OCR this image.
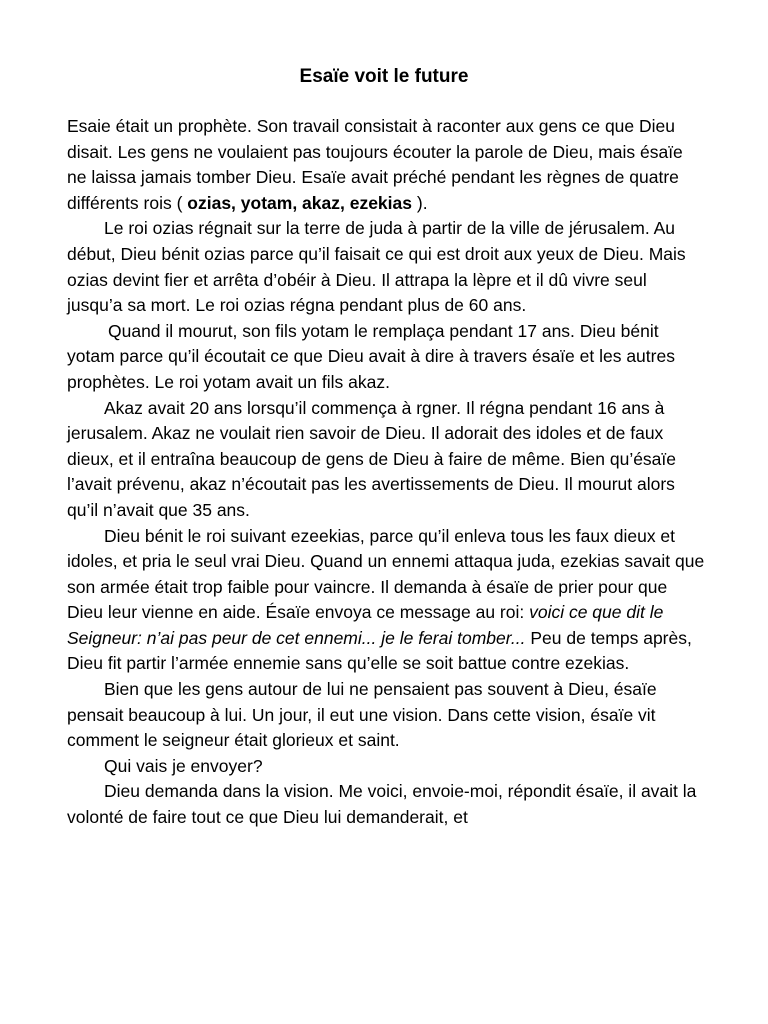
Esaïe voit le future

Esaie était un prophète. Son travail consistait à raconter aux gens ce que Dieu disait. Les gens ne voulaient pas toujours écouter la parole de Dieu, mais ésaïe ne laissa jamais tomber Dieu. Esaïe avait préché pendant les règnes de quatre différents rois ( ozias, yotam, akaz, ezekias ).

Le roi ozias régnait sur la terre de juda à partir de la ville de jérusalem. Au début, Dieu bénit ozias parce qu’il faisait ce qui est droit aux yeux de Dieu. Mais ozias devint fier et arrêta d’obéir à Dieu. Il attrapa la lèpre et il dû vivre seul jusqu’a sa mort. Le roi ozias régna pendant plus de 60 ans.

Quand il mourut, son fils yotam le remplaça pendant 17 ans. Dieu bénit yotam parce qu’il écoutait ce que Dieu avait à dire à travers ésaïe et les autres prophètes. Le roi yotam avait un fils akaz.

Akaz avait 20 ans lorsqu’il commença à rgner. Il régna pendant 16 ans à jerusalem. Akaz ne voulait rien savoir de Dieu. Il adorait des idoles et de faux dieux, et il entraîna beaucoup de gens de Dieu à faire de même. Bien qu’ésaïe l’avait prévenu, akaz n’écoutait pas les avertissements de Dieu. Il mourut alors qu’il n’avait que 35 ans.

Dieu bénit le roi suivant ezeekias, parce qu’il enleva tous les faux dieux et idoles, et pria le seul vrai Dieu. Quand un ennemi attaqua juda, ezekias savait que son armée était trop faible pour vaincre. Il demanda à ésaïe de prier pour que Dieu leur vienne en aide. Ésaïe envoya ce message au roi: voici ce que dit le Seigneur: n’ai pas peur de cet ennemi... je le ferai tomber... Peu de temps après, Dieu fit partir l’armée ennemie sans qu’elle se soit battue contre ezekias.

Bien que les gens autour de lui ne pensaient pas souvent à Dieu, ésaïe pensait beaucoup à lui. Un jour, il eut une vision. Dans cette vision, ésaïe vit comment le seigneur était glorieux et saint.

Qui vais je envoyer?

Dieu demanda dans la vision. Me voici, envoie-moi, répondit ésaïe, il avait la volonté de faire tout ce que Dieu lui demanderait, et
